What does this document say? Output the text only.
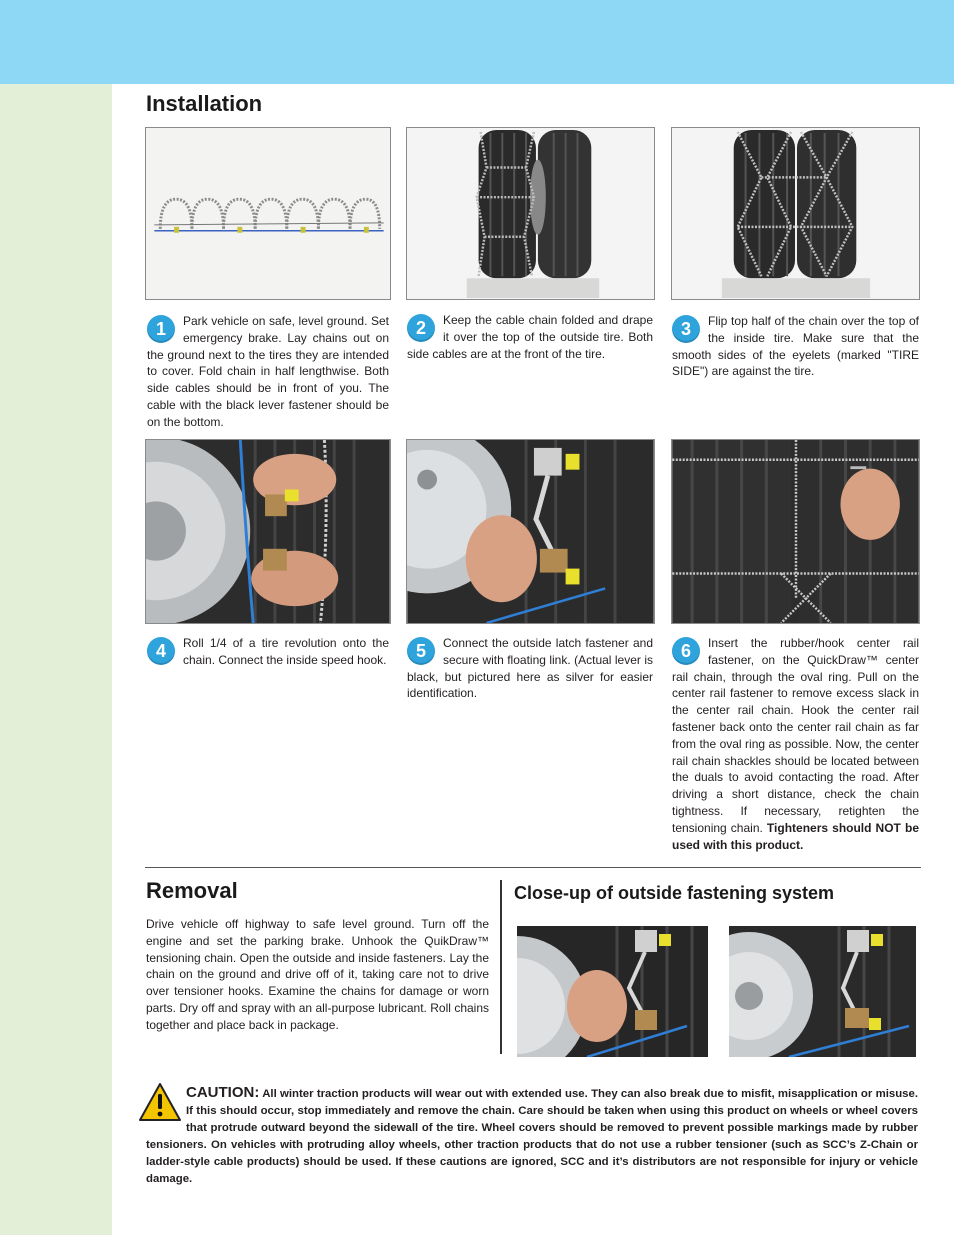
Installation
1	Park vehicle on safe, level ground. Set emergency brake. Lay chains out on the ground next to the tires they are intended to cover. Fold chain in half lengthwise. Both side cables should be in front of you. The cable with the black lever fastener should be on the bottom.
2	Keep the cable chain folded and drape it over the top of the outside tire. Both side cables are at the front of the tire.
3	Flip top half of the chain over the top of the inside tire. Make sure that the smooth sides of the eyelets (marked "TIRE SIDE") are against the tire.
4	Roll 1/4 of a tire revolution onto the chain. Connect the inside speed hook.	5	Connect the outside latch fastener and secure with floating link. (Actual lever is black, but pictured here as silver for easier identification.
6	Insert the rubber/hook center rail fastener, on the QuickDraw™ center rail chain, through the oval ring. Pull on the center rail fastener to remove excess slack in the center rail chain. Hook the center rail fastener back onto the center rail chain as far from the oval ring as possible. Now, the center rail chain shackles should be located between the duals to avoid contacting the road. After driving a short distance, check the chain tightness. If necessary, retighten the tensioning chain. Tighteners should NOT be used with this product.
Removal
Drive vehicle off highway to safe level ground. Turn off the engine and set the parking brake. Unhook the QuikDraw™ tensioning chain. Open the outside and inside fasteners. Lay the chain on the ground and drive off of it, taking care not to drive over tensioner hooks. Examine the chains for damage or worn parts. Dry off and spray with an all-purpose lubricant. Roll chains together and place back in package.
Close-up of outside fastening system
CAUTION: All winter traction products will wear out with extended use. They can also break due to misfit, misapplication or misuse. If this should occur, stop immediately and remove the chain. Care should be taken when using this product on wheels or wheel covers that protrude outward beyond the sidewall of the tire. Wheel covers should be removed to prevent possible markings made by rubber tensioners. On vehicles with protruding alloy wheels, other traction products that do not use a rubber tensioner (such as SCC’s Z-Chain or ladder-style cable products) should be used. If these cautions are ignored, SCC and it’s distributors are not responsible for injury or vehicle damage.
